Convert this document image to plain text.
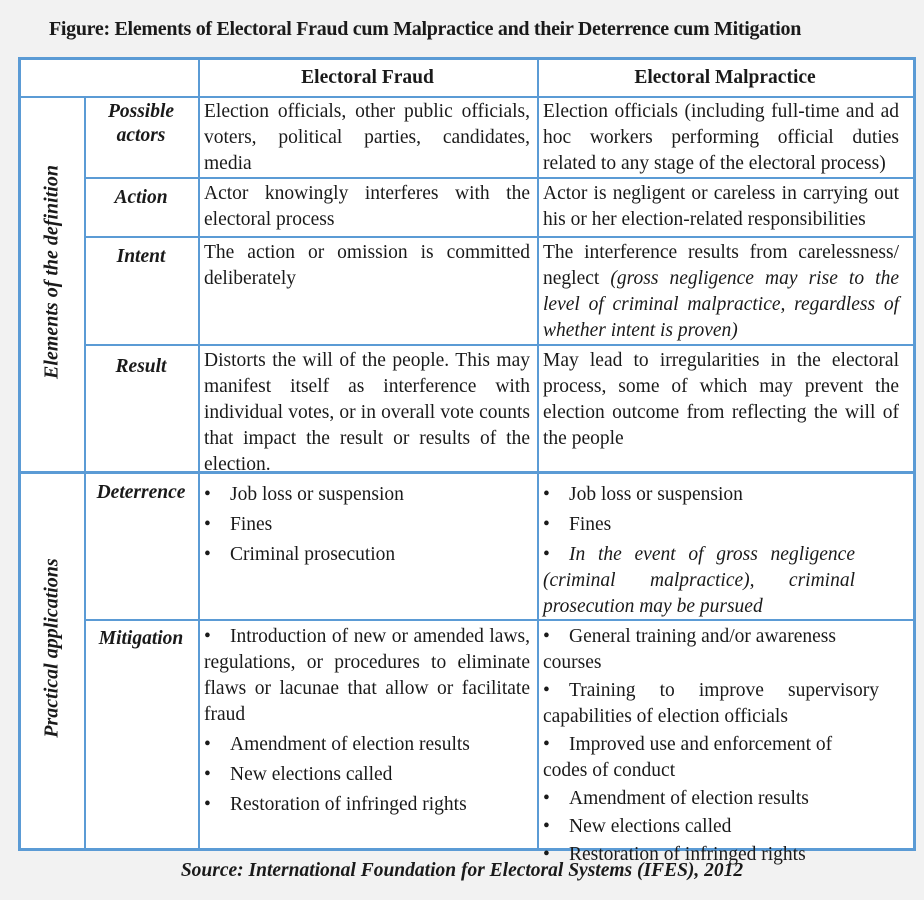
Figure: Elements of Electoral Fraud cum Malpractice and their Deterrence cum Mitigation
Electoral Fraud	Electoral Malpractice
Elements of the definition
Practical applications
Possible
actors
Action
Intent
Result
Deterrence
Mitigation
Election officials, other public officials, voters, political parties, candidates, media
Actor knowingly interferes with the electoral process
The action or omission is committed deliberately
Distorts the will of the people. This may manifest itself as interference with individual votes, or in overall vote counts that impact the result or results of the election.
• Job loss or suspension
• Fines
• Criminal prosecution
• Introduction of new or amended laws, regulations, or procedures to eliminate flaws or lacunae that allow or facilitate fraud
• Amendment of election results
• New elections called
• Restoration of infringed rights
Election officials (including full-time and ad hoc workers performing official duties related to any stage of the electoral process)
Actor is negligent or careless in carrying out his or her election-related responsibilities
The interference results from carelessness/ neglect (gross negligence may rise to the level of criminal malpractice, regardless of whether intent is proven)
May lead to irregularities in the electoral process, some of which may prevent the election outcome from reflecting the will of the people
• Job loss or suspension
• Fines
• In the event of gross negligence (criminal malpractice), criminal prosecution may be pursued
• General training and/or awareness courses
• Training to improve supervisory capabilities of election officials
• Improved use and enforcement of codes of conduct
• Amendment of election results
• New elections called
• Restoration of infringed rights
Source: International Foundation for Electoral Systems (IFES), 2012
